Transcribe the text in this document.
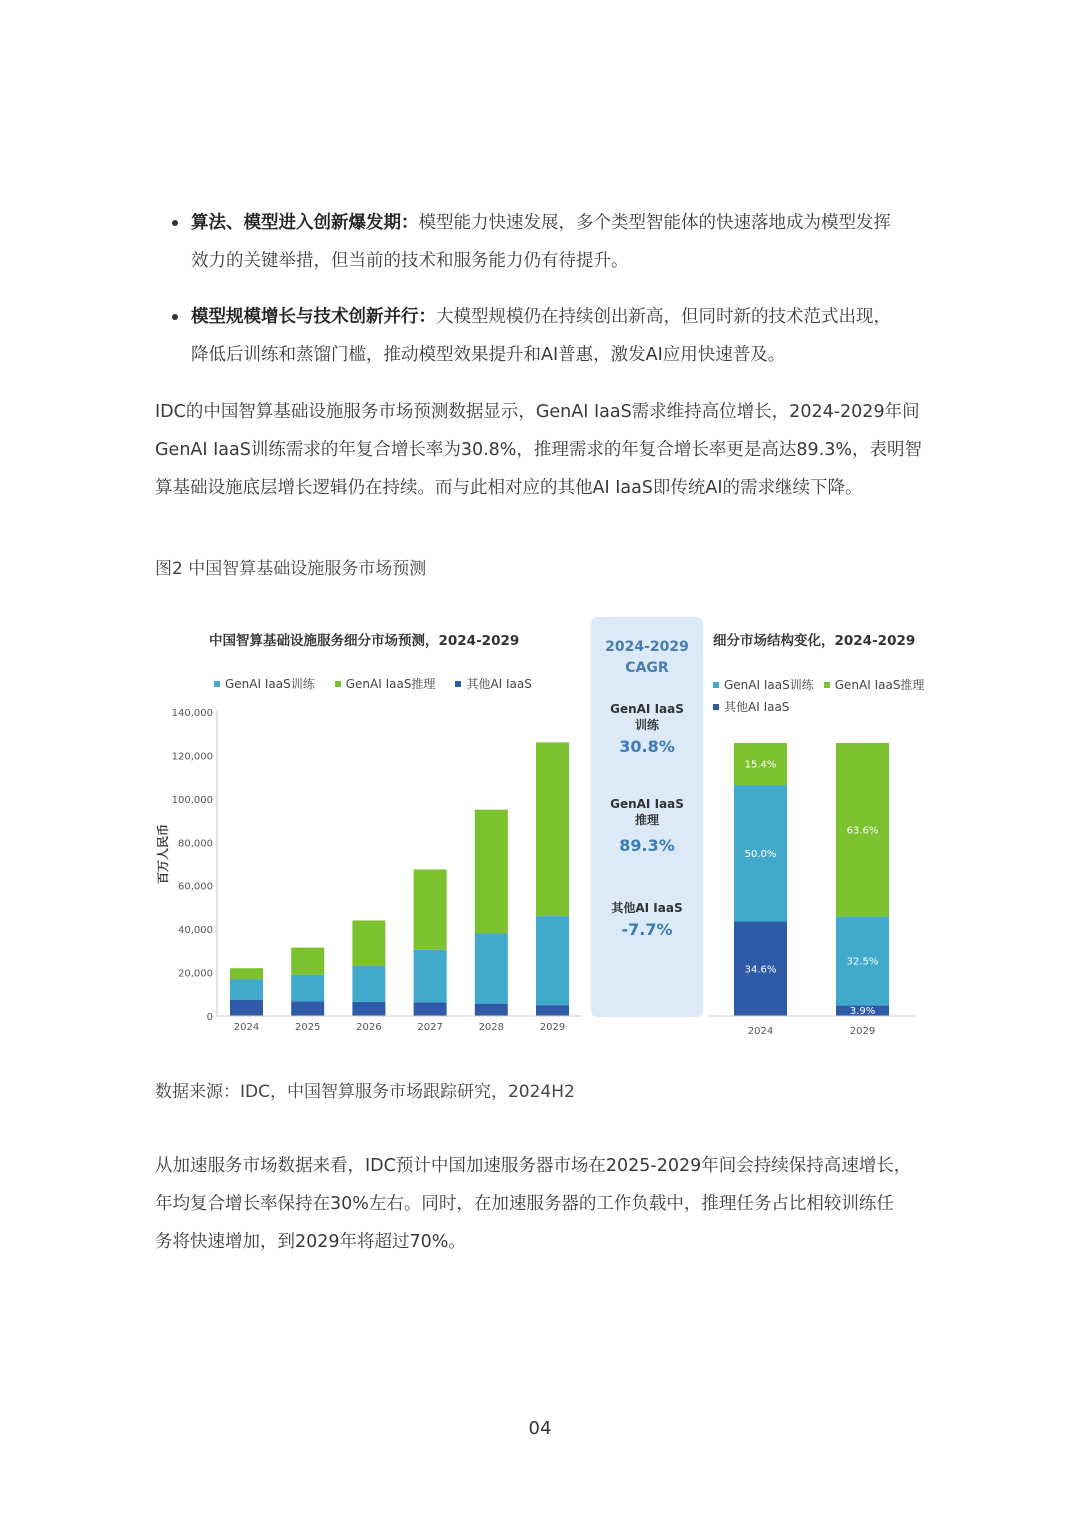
算法、模型进入创新爆发期：模型能力快速发展，多个类型智能体的快速落地成为模型发挥
效力的关键举措，但当前的技术和服务能力仍有待提升。
模型规模增长与技术创新并行：大模型规模仍在持续创出新高，但同时新的技术范式出现，
降低后训练和蒸馏门槛，推动模型效果提升和AI普惠，激发AI应用快速普及。
IDC的中国智算基础设施服务市场预测数据显示，GenAI IaaS需求维持高位增长，2024-2029年间
GenAI IaaS训练需求的年复合增长率为30.8%，推理需求的年复合增长率更是高达89.3%，表明智
算基础设施底层增长逻辑仍在持续。而与此相对应的其他AI IaaS即传统AI的需求继续下降。
图2 中国智算基础设施服务市场预测
中国智算基础设施服务细分市场预测，2024-2029
GenAI IaaS训练	GenAI IaaS推理	其他AI IaaS
0
20,000
40,000
60,000
80,000
100,000
120,000
140,000
2024	2025	2026	2027	2028	2029
百万人民币
2024-2029
CAGR
GenAI IaaS
训练
30.8%
GenAI IaaS
推理
89.3%
其他AI IaaS
-7.7%
细分市场结构变化，2024-2029
GenAI IaaS训练 GenAI IaaS推理
其他AI IaaS
34.6%
50.0%
15.4%
3.9%
32.5%
63.6%
2024	2029
数据来源：IDC，中国智算服务市场跟踪研究，2024H2
从加速服务市场数据来看，IDC预计中国加速服务器市场在2025-2029年间会持续保持高速增长，
年均复合增长率保持在30%左右。同时，在加速服务器的工作负载中，推理任务占比相较训练任
务将快速增加，到2029年将超过70%。
04
